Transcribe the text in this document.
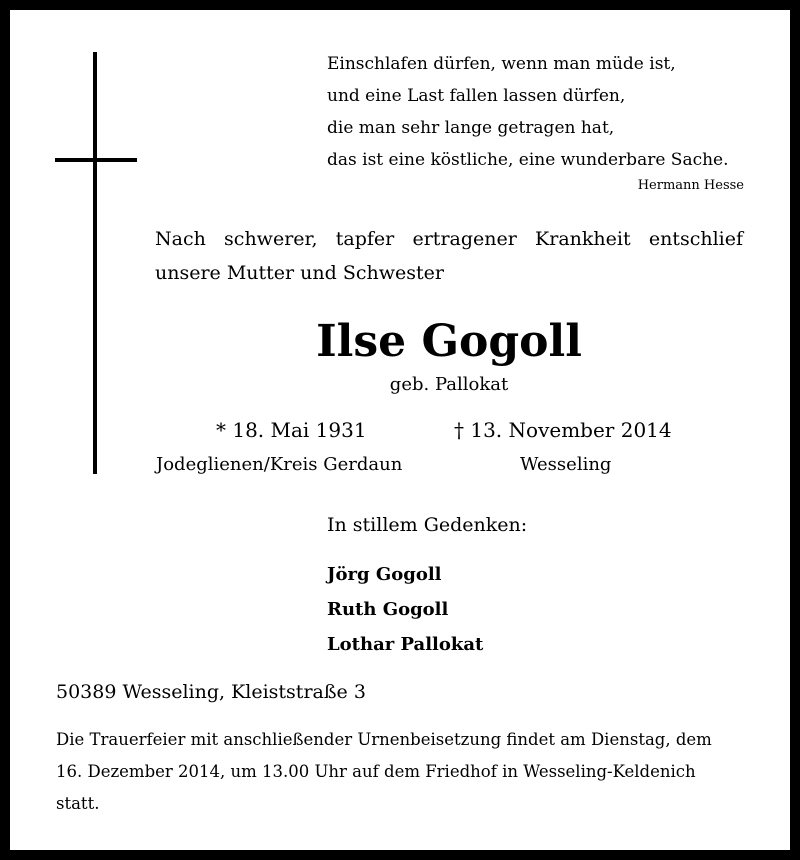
Einschlafen dürfen, wenn man müde ist,
und eine Last fallen lassen dürfen,
die man sehr lange getragen hat,
das ist eine köstliche, eine wunderbare Sache.
Hermann Hesse
Nach schwerer, tapfer ertragener Krankheit entschlief
unsere Mutter und Schwester
Ilse Gogoll
geb. Pallokat
* 18. Mai 1931	† 13. November 2014
Jodeglienen/Kreis Gerdaun	Wesseling
In stillem Gedenken:
Jörg Gogoll
Ruth Gogoll
Lothar Pallokat
50389 Wesseling, Kleiststraße 3
Die Trauerfeier mit anschließender Urnenbeisetzung findet am Dienstag, dem
16. Dezember 2014, um 13.00 Uhr auf dem Friedhof in Wesseling-Keldenich
statt.
